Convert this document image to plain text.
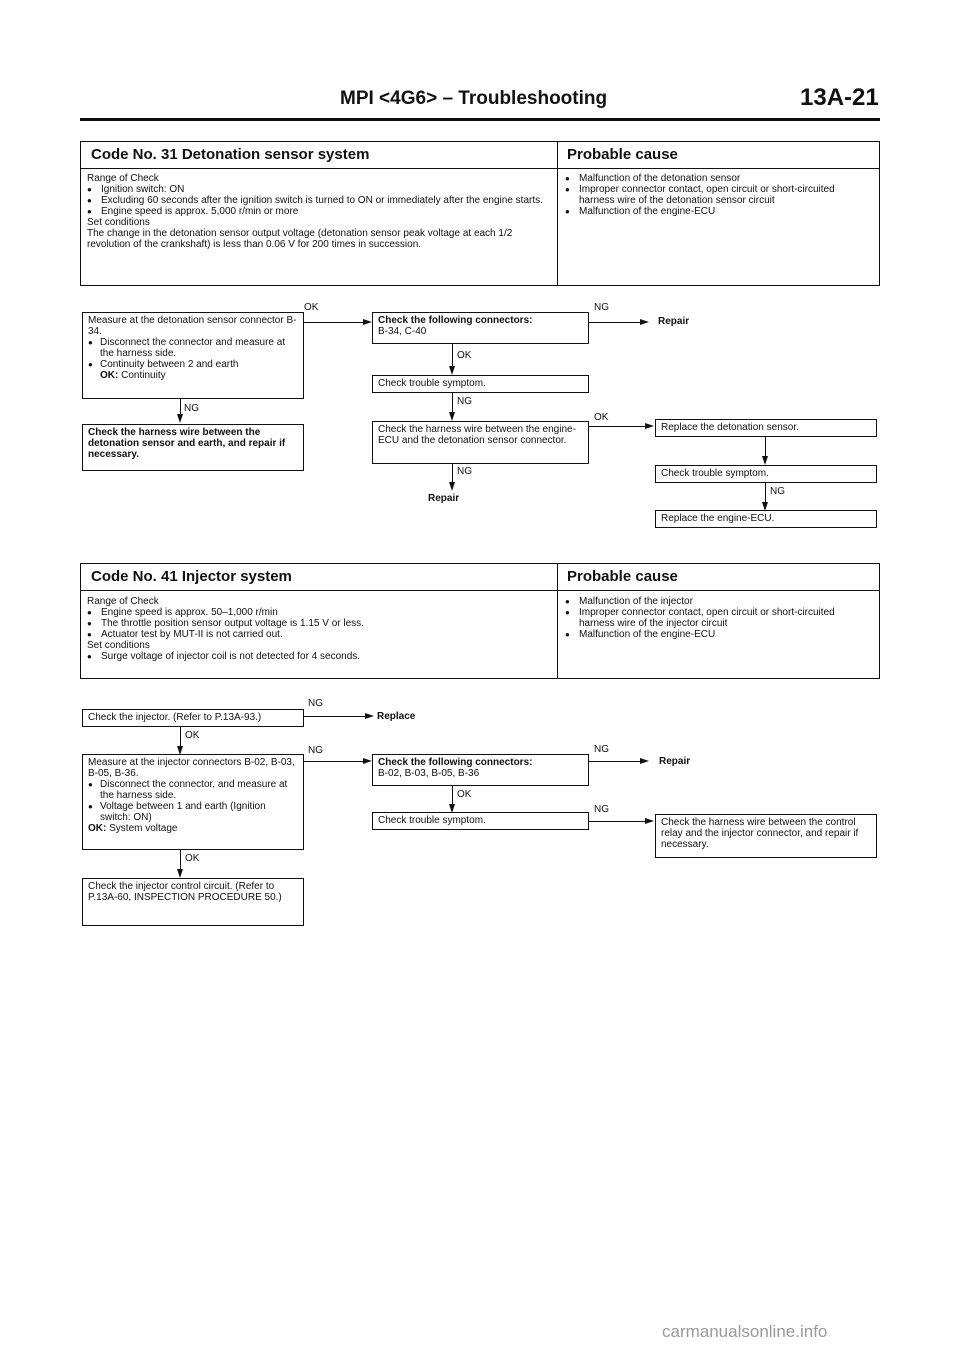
MPI <4G6> – Troubleshooting	13A-21
Code No. 31 Detonation sensor system	Probable cause
Range of Check
● Ignition switch: ON
● Excluding 60 seconds after the ignition switch is turned to ON or immediately after the engine starts.
● Engine speed is approx. 5,000 r/min or more
Set conditions
The change in the detonation sensor output voltage (detonation sensor peak voltage at each 1/2 revolution of the crankshaft) is less than 0.06 V for 200 times in succession.
● Malfunction of the detonation sensor
● Improper connector contact, open circuit or short-circuited harness wire of the detonation sensor circuit
● Malfunction of the engine-ECU
Measure at the detonation sensor connector B-34.
● Disconnect the connector and measure at the harness side.
● Continuity between 2 and earth
OK: Continuity
OK
NG
Check the harness wire between the detonation sensor and earth, and repair if necessary.
Check the following connectors:
B-34, C-40
NG
Repair
OK
Check trouble symptom.
NG
Check the harness wire between the engine-ECU and the detonation sensor connector.
OK
NG
Repair
Replace the detonation sensor.
Check trouble symptom.
NG
Replace the engine-ECU.
Code No. 41 Injector system	Probable cause
Range of Check
● Engine speed is approx. 50–1,000 r/min
● The throttle position sensor output voltage is 1.15 V or less.
● Actuator test by MUT-II is not carried out.
Set conditions
● Surge voltage of injector coil is not detected for 4 seconds.
● Malfunction of the injector
● Improper connector contact, open circuit or short-circuited harness wire of the injector circuit
● Malfunction of the engine-ECU
Check the injector. (Refer to P.13A-93.)
NG
Replace
OK
Measure at the injector connectors B-02, B-03, B-05, B-36.
● Disconnect the connector, and measure at the harness side.
● Voltage between 1 and earth (Ignition switch: ON)
OK: System voltage
NG
OK
Check the injector control circuit. (Refer to P.13A-60, INSPECTION PROCEDURE 50.)
Check the following connectors:
B-02, B-03, B-05, B-36
NG
Repair
OK
Check trouble symptom.
NG
Check the harness wire between the control relay and the injector connector, and repair if necessary.
carmanualsonline.info
